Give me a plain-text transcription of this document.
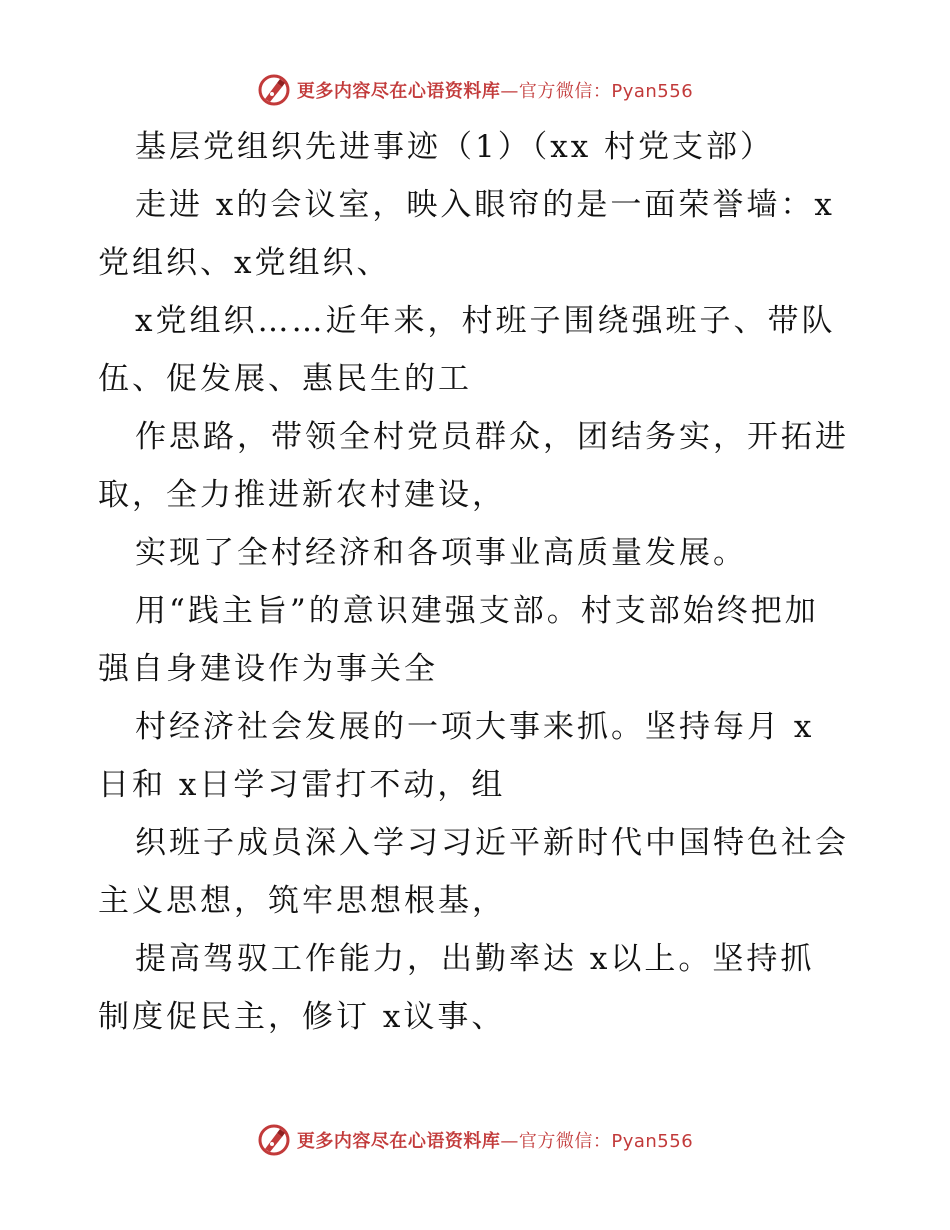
更多内容尽在心语资料库—官方微信：Pyan556

基层党组织先进事迹（1）（xx 村党支部）

走进 x的会议室，映入眼帘的是一面荣誉墙：x

党组织、x党组织、

x党组织……近年来，村班子围绕强班子、带队

伍、促发展、惠民生的工

作思路，带领全村党员群众，团结务实，开拓进

取，全力推进新农村建设，

实现了全村经济和各项事业高质量发展。

用“践主旨”的意识建强支部。村支部始终把加

强自身建设作为事关全

村经济社会发展的一项大事来抓。坚持每月 x

日和 x日学习雷打不动，组

织班子成员深入学习习近平新时代中国特色社会

主义思想，筑牢思想根基，

提高驾驭工作能力，出勤率达 x以上。坚持抓

制度促民主，修订 x议事、

更多内容尽在心语资料库—官方微信：Pyan556
